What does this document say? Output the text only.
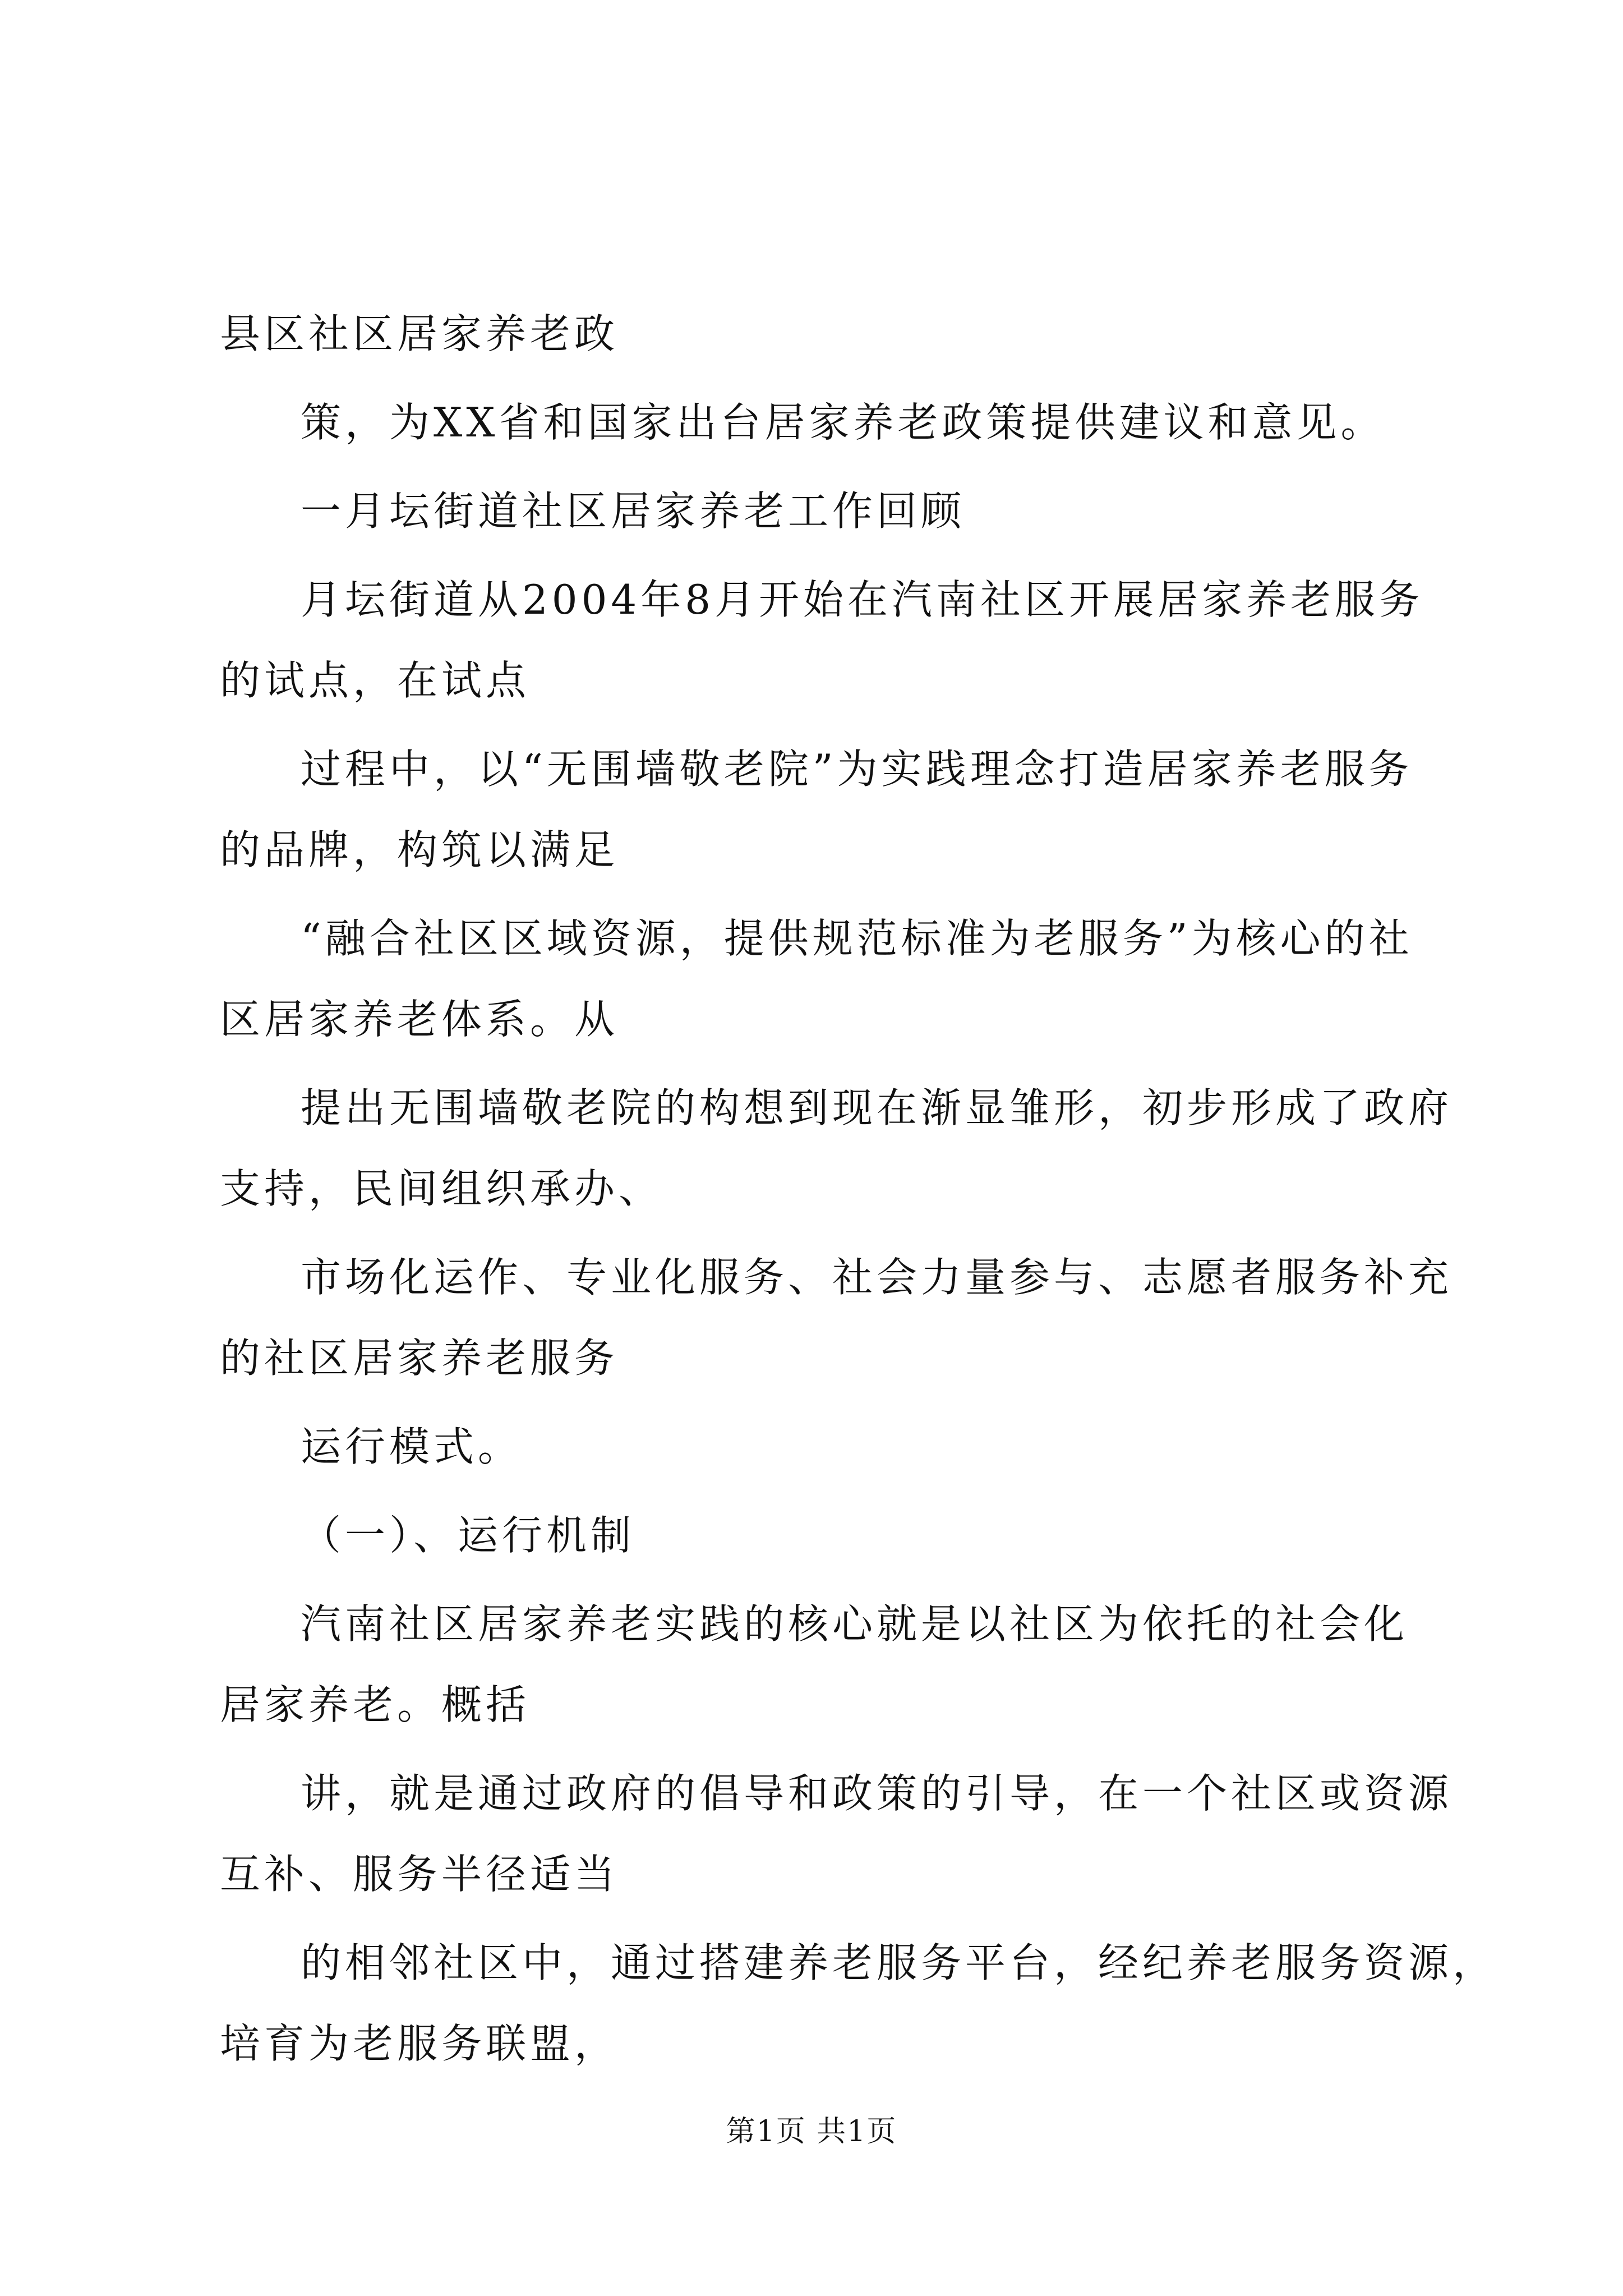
县区社区居家养老政
策，为XX省和国家出台居家养老政策提供建议和意见。
一月坛街道社区居家养老工作回顾
月坛街道从2004年8月开始在汽南社区开展居家养老服务
的试点，在试点
过程中，以“无围墙敬老院”为实践理念打造居家养老服务
的品牌，构筑以满足
“融合社区区域资源，提供规范标准为老服务”为核心的社
区居家养老体系。从
提出无围墙敬老院的构想到现在渐显雏形，初步形成了政府
支持，民间组织承办、
市场化运作、专业化服务、社会力量参与、志愿者服务补充
的社区居家养老服务
运行模式。
（一）、运行机制
汽南社区居家养老实践的核心就是以社区为依托的社会化
居家养老。概括
讲，就是通过政府的倡导和政策的引导，在一个社区或资源
互补、服务半径适当
的相邻社区中，通过搭建养老服务平台，经纪养老服务资源，
培育为老服务联盟，
第1页 共1页
